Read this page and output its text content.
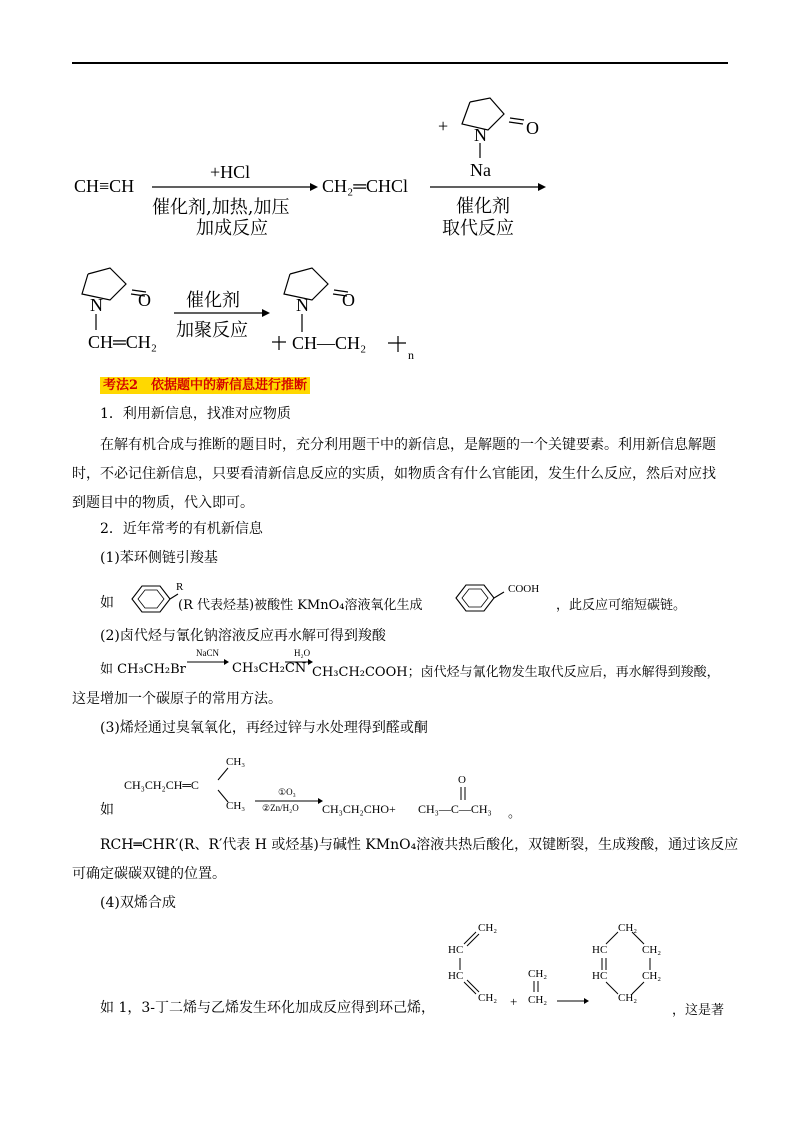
CH≡CH
+HCl
催化剂,加热,加压
加成反应
CH₂═CHCl
+ N O
Na
催化剂
取代反应
N O
CH═CH₂
催化剂
加聚反应
N O
CH—CH₂
n
考法2　依据题中的新信息进行推断
1．利用新信息，找准对应物质
在解有机合成与推断的题目时，充分利用题干中的新信息，是解题的一个关键要素。利用新信息解题
时，不必记住新信息，只要看清新信息反应的实质，如物质含有什么官能团，发生什么反应，然后对应找
到题目中的物质，代入即可。
2．近年常考的有机新信息
(1)苯环侧链引羧基
如
R
(R 代表烃基)被酸性 KMnO₄溶液氧化生成
COOH
，此反应可缩短碳链。
(2)卤代烃与氰化钠溶液反应再水解可得到羧酸
如 CH₃CH₂Br
NaCN
CH₃CH₂CN
H₂O
CH₃CH₂COOH；卤代烃与氰化物发生取代反应后，再水解得到羧酸，
这是增加一个碳原子的常用方法。
(3)烯烃通过臭氧氧化，再经过锌与水处理得到醛或酮
CH₃
CH₃CH₂CH═C
CH₃
如
①O₃
②Zn/H₂O CH₃CH₂CHO+
O
CH₃—C—CH₃ 。
RCH═CHR′(R、R′代表 H 或烃基)与碱性 KMnO₄溶液共热后酸化，双键断裂，生成羧酸，通过该反应
可确定碳碳双键的位置。
(4)双烯合成
如 1，3-丁二烯与乙烯发生环化加成反应得到环己烯，
CH₂
HC
HC
CH₂ +
CH₂
CH₂
CH₂
HC
HC
CH₂
CH₂
CH₂
，这是著
